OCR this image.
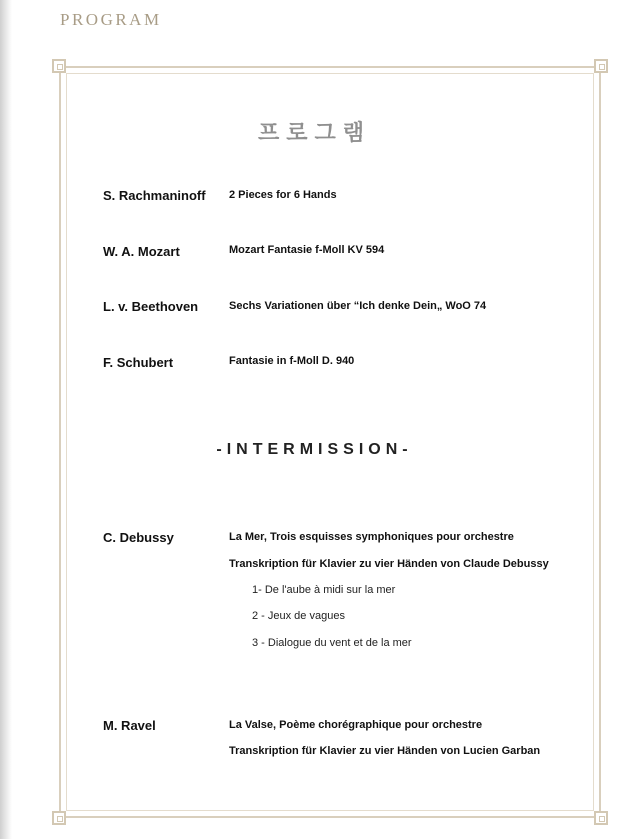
PROGRAM
프로그램
S. Rachmaninoff 2 Pieces for 6 Hands
W. A. Mozart	Mozart Fantasie f-Moll KV 594
L. v. Beethoven	Sechs Variationen über “Ich denke Dein„ WoO 74
F. Schubert	Fantasie in f-Moll D. 940
-INTERMISSION-
C. Debussy	La Mer, Trois esquisses symphoniques pour orchestre
Transkription für Klavier zu vier Händen von Claude Debussy
1- De l'aube à midi sur la mer
2 - Jeux de vagues
3 - Dialogue du vent et de la mer
M. Ravel	La Valse, Poème chorégraphique pour orchestre
Transkription für Klavier zu vier Händen von Lucien Garban
